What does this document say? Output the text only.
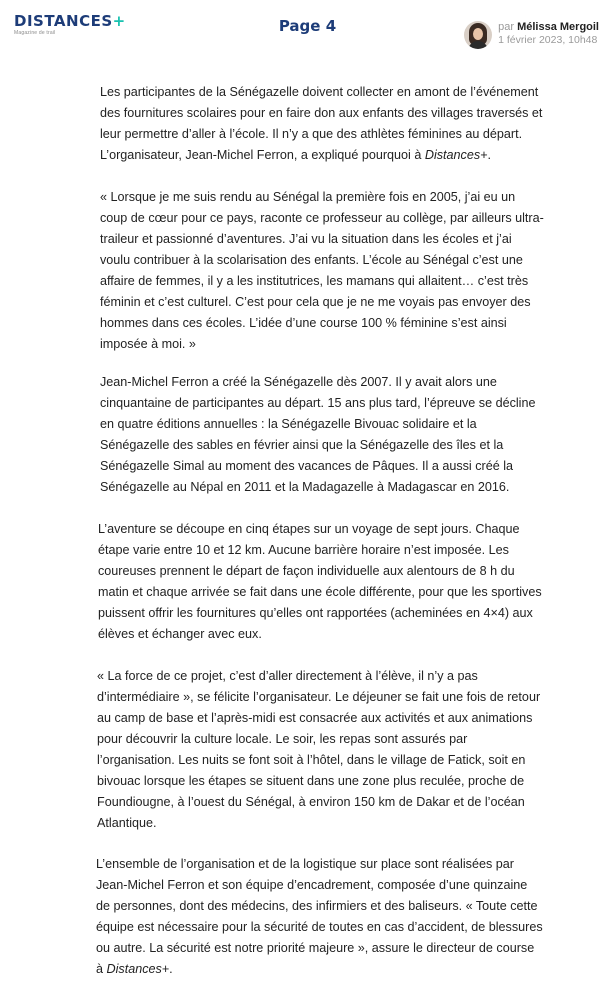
DISTANCES+
Magazine de trail	Page 4	par Mélissa Mergoil
1 février 2023, 10h48

Les participantes de la Sénégazelle doivent collecter en amont de l’événement des fournitures scolaires pour en faire don aux enfants des villages traversés et leur permettre d’aller à l’école. Il n’y a que des athlètes féminines au départ. L’organisateur, Jean-Michel Ferron, a expliqué pourquoi à Distances+.

« Lorsque je me suis rendu au Sénégal la première fois en 2005, j’ai eu un coup de cœur pour ce pays, raconte ce professeur au collège, par ailleurs ultra-traileur et passionné d’aventures. J’ai vu la situation dans les écoles et j’ai voulu contribuer à la scolarisation des enfants. L’école au Sénégal c’est une affaire de femmes, il y a les institutrices, les mamans qui allaitent… c’est très féminin et c’est culturel. C’est pour cela que je ne me voyais pas envoyer des hommes dans ces écoles. L’idée d’une course 100 % féminine s’est ainsi imposée à moi. »

Jean-Michel Ferron a créé la Sénégazelle dès 2007. Il y avait alors une cinquantaine de participantes au départ. 15 ans plus tard, l’épreuve se décline en quatre éditions annuelles : la Sénégazelle Bivouac solidaire et la Sénégazelle des sables en février ainsi que la Sénégazelle des îles et la Sénégazelle Simal au moment des vacances de Pâques. Il a aussi créé la Sénégazelle au Népal en 2011 et la Madagazelle à Madagascar en 2016.

L’aventure se découpe en cinq étapes sur un voyage de sept jours. Chaque étape varie entre 10 et 12 km. Aucune barrière horaire n’est imposée. Les coureuses prennent le départ de façon individuelle aux alentours de 8 h du matin et chaque arrivée se fait dans une école différente, pour que les sportives puissent offrir les fournitures qu’elles ont rapportées (acheminées en 4×4) aux élèves et échanger avec eux.

« La force de ce projet, c’est d’aller directement à l’élève, il n’y a pas d’intermédiaire », se félicite l’organisateur. Le déjeuner se fait une fois de retour au camp de base et l’après-midi est consacrée aux activités et aux animations pour découvrir la culture locale. Le soir, les repas sont assurés par l’organisation. Les nuits se font soit à l’hôtel, dans le village de Fatick, soit en bivouac lorsque les étapes se situent dans une zone plus reculée, proche de Foundiougne, à l’ouest du Sénégal, à environ 150 km de Dakar et de l’océan Atlantique.

L’ensemble de l’organisation et de la logistique sur place sont réalisées par Jean-Michel Ferron et son équipe d’encadrement, composée d’une quinzaine de personnes, dont des médecins, des infirmiers et des baliseurs. « Toute cette équipe est nécessaire pour la sécurité de toutes en cas d’accident, de blessures ou autre. La sécurité est notre priorité majeure », assure le directeur de course à Distances+.
